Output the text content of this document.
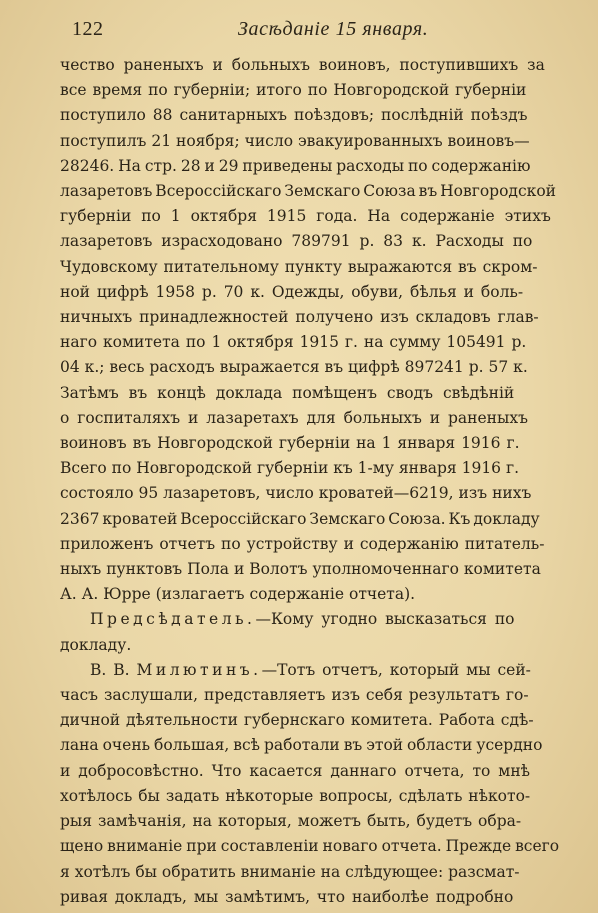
122	Засѣданіе 15 января.

чество раненыхъ и больныхъ воиновъ, поступившихъ за

все время по губерніи; итого по Новгородской губерніи

поступило 88 санитарныхъ поѣздовъ; послѣдній поѣздъ

поступилъ 21 ноября; число эвакуированныхъ воиновъ—

28246. На стр. 28 и 29 приведены расходы по содержанію

лазаретовъ Всероссійскаго Земскаго Союза въ Новгородской

губерніи по 1 октября 1915 года. На содержаніе этихъ

лазаретовъ израсходовано 789791 р. 83 к. Расходы по

Чудовскому питательному пункту выражаются въ скром-

ной цифрѣ 1958 р. 70 к. Одежды, обуви, бѣлья и боль-

ничныхъ принадлежностей получено изъ складовъ глав-

наго комитета по 1 октября 1915 г. на сумму 105491 р.

04 к.; весь расходъ выражается въ цифрѣ 897241 р. 57 к.

Затѣмъ въ концѣ доклада помѣщенъ сводъ свѣдѣній

о госпиталяхъ и лазаретахъ для больныхъ и раненыхъ

воиновъ въ Новгородской губерніи на 1 января 1916 г.

Всего по Новгородской губерніи къ 1-му января 1916 г.

состояло 95 лазаретовъ, число кроватей—6219, изъ нихъ

2367 кроватей Всероссійскаго Земскаго Союза. Къ докладу

приложенъ отчетъ по устройству и содержанію питатель-

ныхъ пунктовъ Пола и Волотъ уполномоченнаго комитета

А. А. Юрре (излагаетъ содержаніе отчета).

Предсѣдатель.—Кому угодно высказаться по

докладу.

В. В. Милютинъ.—Тотъ отчетъ, который мы сей-

часъ заслушали, представляетъ изъ себя результатъ го-

дичной дѣятельности губернскаго комитета. Работа сдѣ-

лана очень большая, всѣ работали въ этой области усердно

и добросовѣстно. Что касается даннаго отчета, то мнѣ

хотѣлось бы задать нѣкоторые вопросы, сдѣлать нѣкото-

рыя замѣчанія, на которыя, можетъ быть, будетъ обра-

щено вниманіе при составленіи новаго отчета. Прежде всего

я хотѣлъ бы обратить вниманіе на слѣдующее: разсмат-

ривая докладъ, мы замѣтимъ, что наиболѣе подробно
